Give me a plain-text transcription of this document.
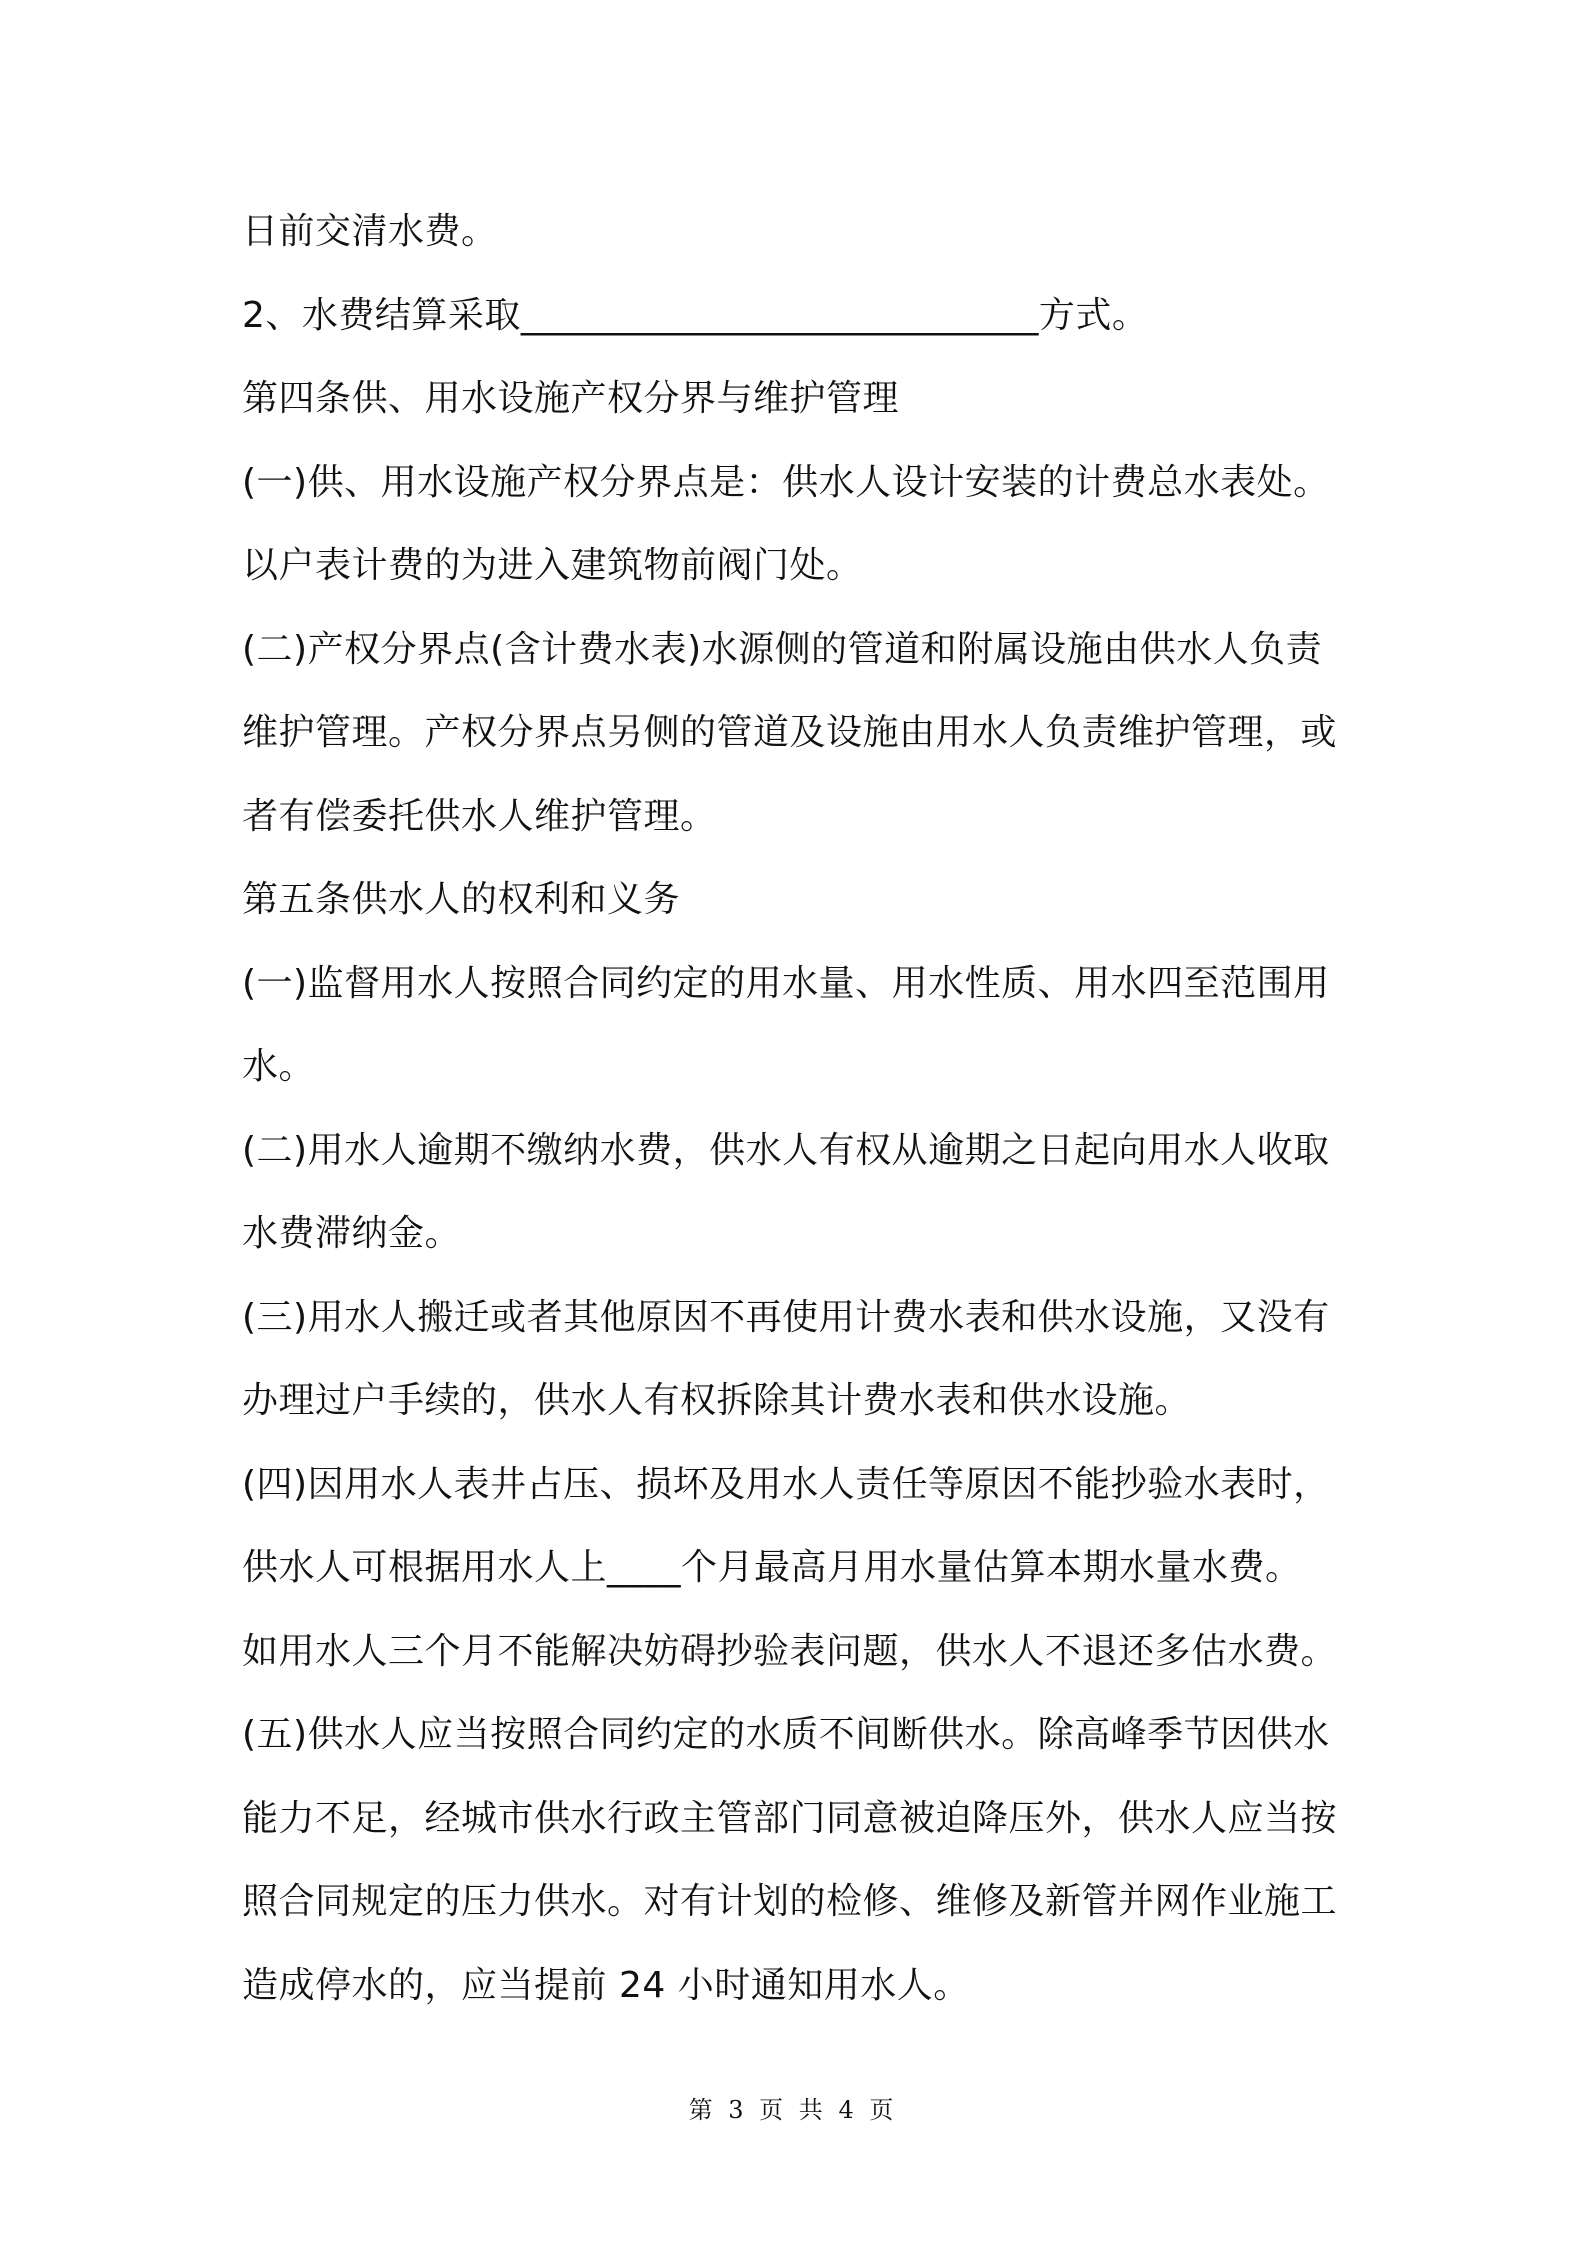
日前交清水费。
2、水费结算采取____________________________方式。
第四条供、用水设施产权分界与维护管理
(一)供、用水设施产权分界点是：供水人设计安装的计费总水表处。
以户表计费的为进入建筑物前阀门处。
(二)产权分界点(含计费水表)水源侧的管道和附属设施由供水人负责
维护管理。产权分界点另侧的管道及设施由用水人负责维护管理，或
者有偿委托供水人维护管理。
第五条供水人的权利和义务
(一)监督用水人按照合同约定的用水量、用水性质、用水四至范围用
水。
(二)用水人逾期不缴纳水费，供水人有权从逾期之日起向用水人收取
水费滞纳金。
(三)用水人搬迁或者其他原因不再使用计费水表和供水设施，又没有
办理过户手续的，供水人有权拆除其计费水表和供水设施。
(四)因用水人表井占压、损坏及用水人责任等原因不能抄验水表时，
供水人可根据用水人上____个月最高月用水量估算本期水量水费。
如用水人三个月不能解决妨碍抄验表问题，供水人不退还多估水费。
(五)供水人应当按照合同约定的水质不间断供水。除高峰季节因供水
能力不足，经城市供水行政主管部门同意被迫降压外，供水人应当按
照合同规定的压力供水。对有计划的检修、维修及新管并网作业施工
造成停水的，应当提前 24 小时通知用水人。
第 3 页 共 4 页
